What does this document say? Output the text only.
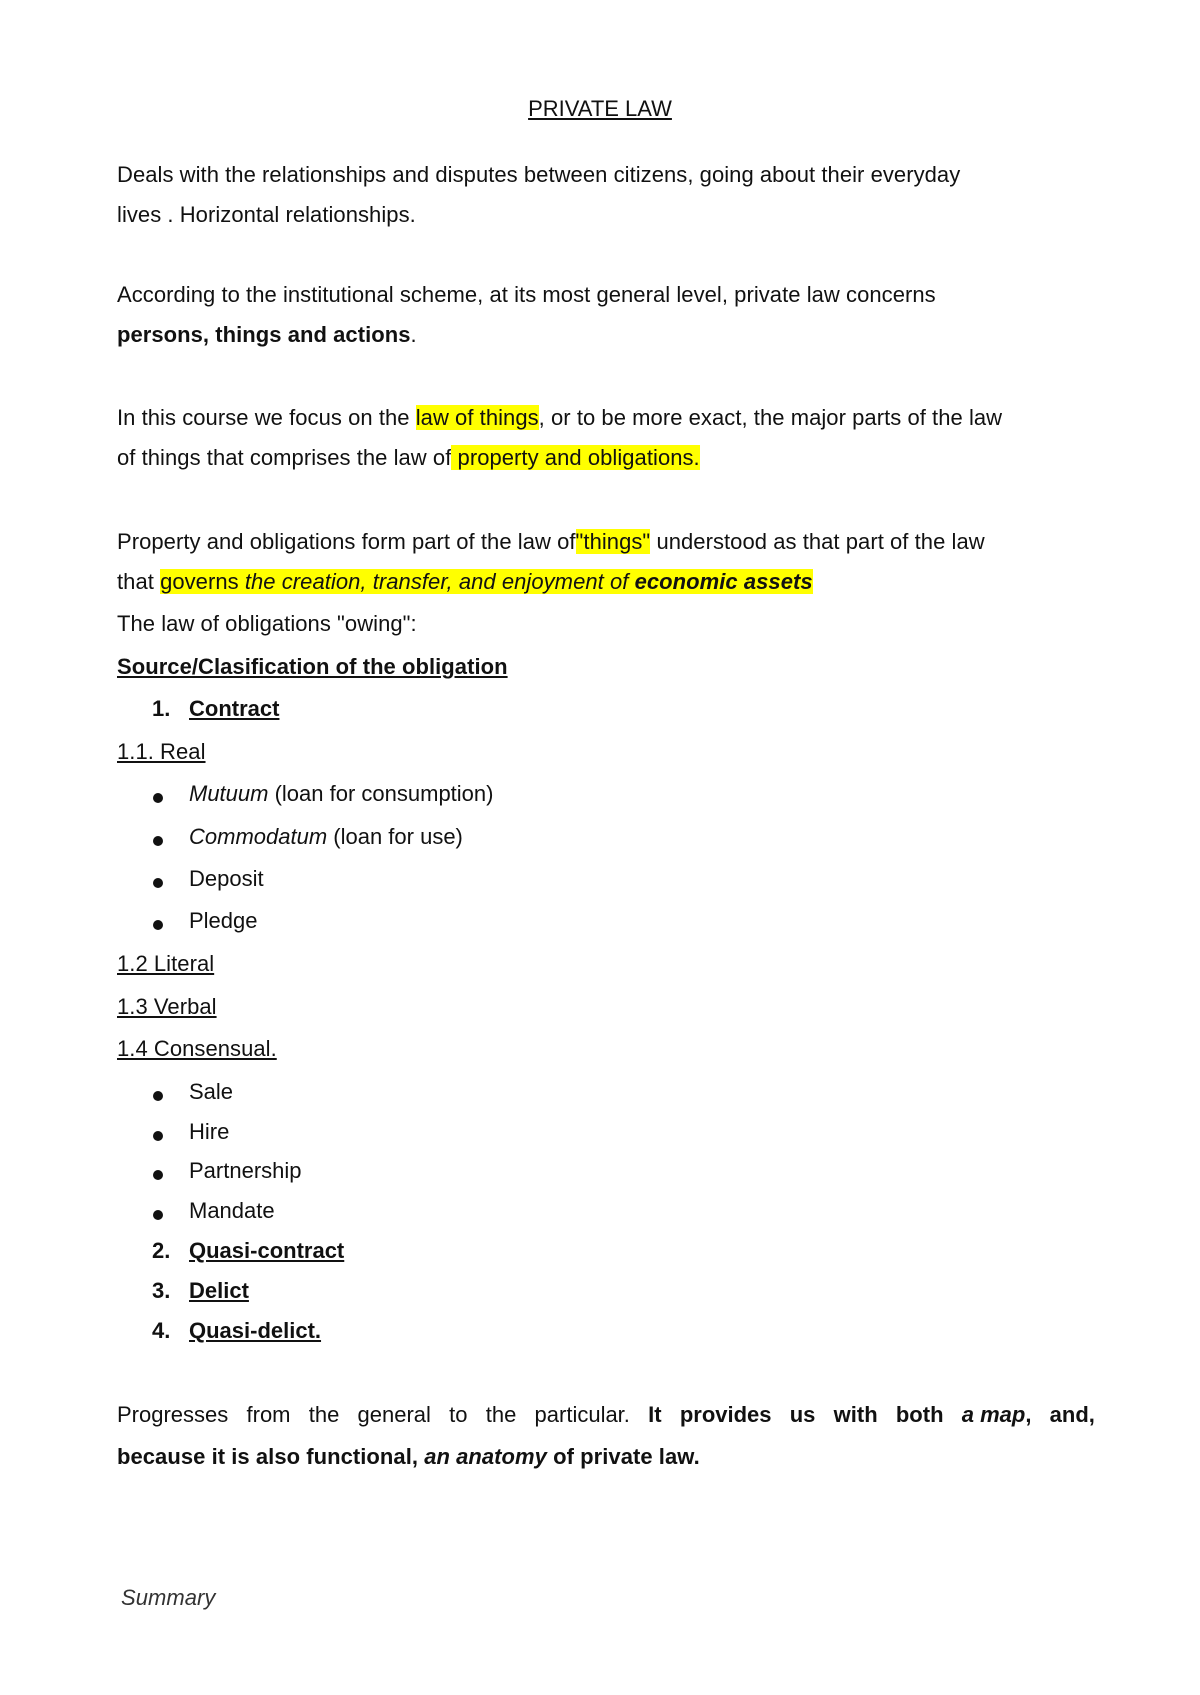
PRIVATE LAW
Deals with the relationships and disputes between citizens, going about their everyday
lives . Horizontal relationships.
According to the institutional scheme, at its most general level, private law concerns
persons, things and actions.
In this course we focus on the law of things, or to be more exact, the major parts of the law
of things that comprises the law of property and obligations.
Property and obligations form part of the law of"things" understood as that part of the law
that governs the creation, transfer, and enjoyment of economic assets
The law of obligations "owing":
Source/Clasification of the obligation
1. Contract
1.1. Real
Mutuum (loan for consumption)
Commodatum (loan for use)
Deposit
Pledge
1.2 Literal
1.3 Verbal
1.4 Consensual.
Sale
Hire
Partnership
Mandate
2. Quasi-contract
3. Delict
4. Quasi-delict.
Progresses from the general to the particular. It provides us with both a map, and,
because it is also functional, an anatomy of private law.
Summary
